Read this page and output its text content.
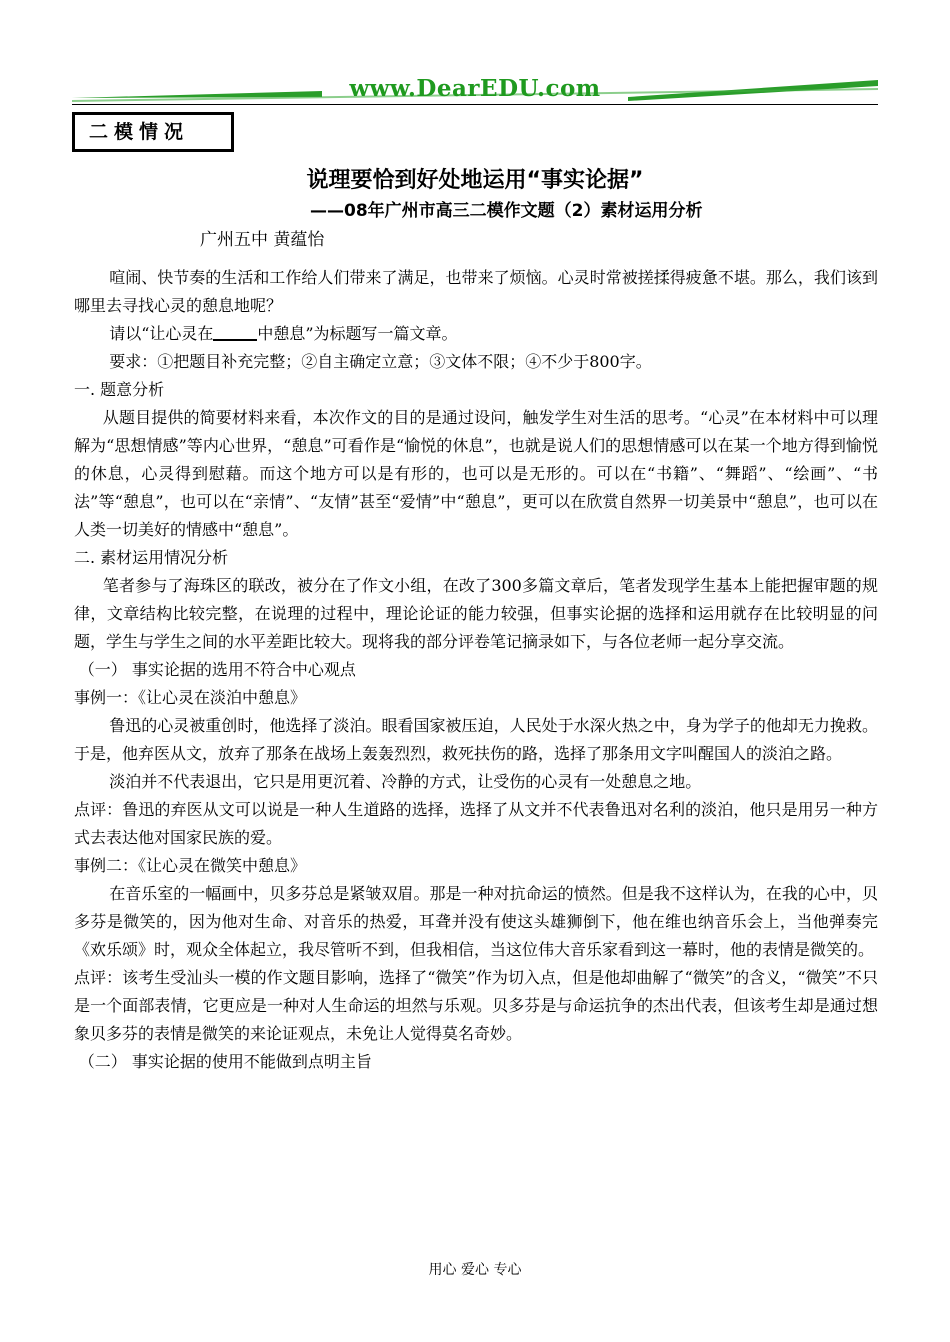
www.DearEDU.com
二模情况
说理要恰到好处地运用“事实论据”
——08年广州市高三二模作文题（2）素材运用分析
广州五中 黄蕴怡

喧闹、快节奏的生活和工作给人们带来了满足，也带来了烦恼。心灵时常被搓揉得疲惫不堪。那么，我们该到哪里去寻找心灵的憩息地呢？

请以“让心灵在	中憩息”为标题写一篇文章。

要求：①把题目补充完整；②自主确定立意；③文体不限；④不少于800字。

一. 题意分析

从题目提供的简要材料来看，本次作文的目的是通过设问，触发学生对生活的思考。“心灵”在本材料中可以理解为“思想情感”等内心世界，“憩息”可看作是“愉悦的休息”，也就是说人们的思想情感可以在某一个地方得到愉悦的休息，心灵得到慰藉。而这个地方可以是有形的，也可以是无形的。可以在“书籍”、“舞蹈”、“绘画”、“书法”等“憩息”，也可以在“亲情”、“友情”甚至“爱情”中“憩息”，更可以在欣赏自然界一切美景中“憩息”，也可以在人类一切美好的情感中“憩息”。

二. 素材运用情况分析

笔者参与了海珠区的联改，被分在了作文小组，在改了300多篇文章后，笔者发现学生基本上能把握审题的规律，文章结构比较完整，在说理的过程中，理论论证的能力较强，但事实论据的选择和运用就存在比较明显的问题，学生与学生之间的水平差距比较大。现将我的部分评卷笔记摘录如下，与各位老师一起分享交流。

（一） 事实论据的选用不符合中心观点

事例一：《让心灵在淡泊中憩息》

鲁迅的心灵被重创时，他选择了淡泊。眼看国家被压迫，人民处于水深火热之中，身为学子的他却无力挽救。于是，他弃医从文，放弃了那条在战场上轰轰烈烈，救死扶伤的路，选择了那条用文字叫醒国人的淡泊之路。

淡泊并不代表退出，它只是用更沉着、冷静的方式，让受伤的心灵有一处憩息之地。

点评：鲁迅的弃医从文可以说是一种人生道路的选择，选择了从文并不代表鲁迅对名利的淡泊，他只是用另一种方式去表达他对国家民族的爱。

事例二：《让心灵在微笑中憩息》

在音乐室的一幅画中，贝多芬总是紧皱双眉。那是一种对抗命运的愤然。但是我不这样认为，在我的心中，贝多芬是微笑的，因为他对生命、对音乐的热爱，耳聋并没有使这头雄狮倒下，他在维也纳音乐会上，当他弹奏完《欢乐颂》时，观众全体起立，我尽管听不到，但我相信，当这位伟大音乐家看到这一幕时，他的表情是微笑的。

点评：该考生受汕头一模的作文题目影响，选择了“微笑”作为切入点，但是他却曲解了“微笑”的含义，“微笑”不只是一个面部表情，它更应是一种对人生命运的坦然与乐观。贝多芬是与命运抗争的杰出代表，但该考生却是通过想象贝多芬的表情是微笑的来论证观点，未免让人觉得莫名奇妙。

（二） 事实论据的使用不能做到点明主旨

用心 爱心 专心
